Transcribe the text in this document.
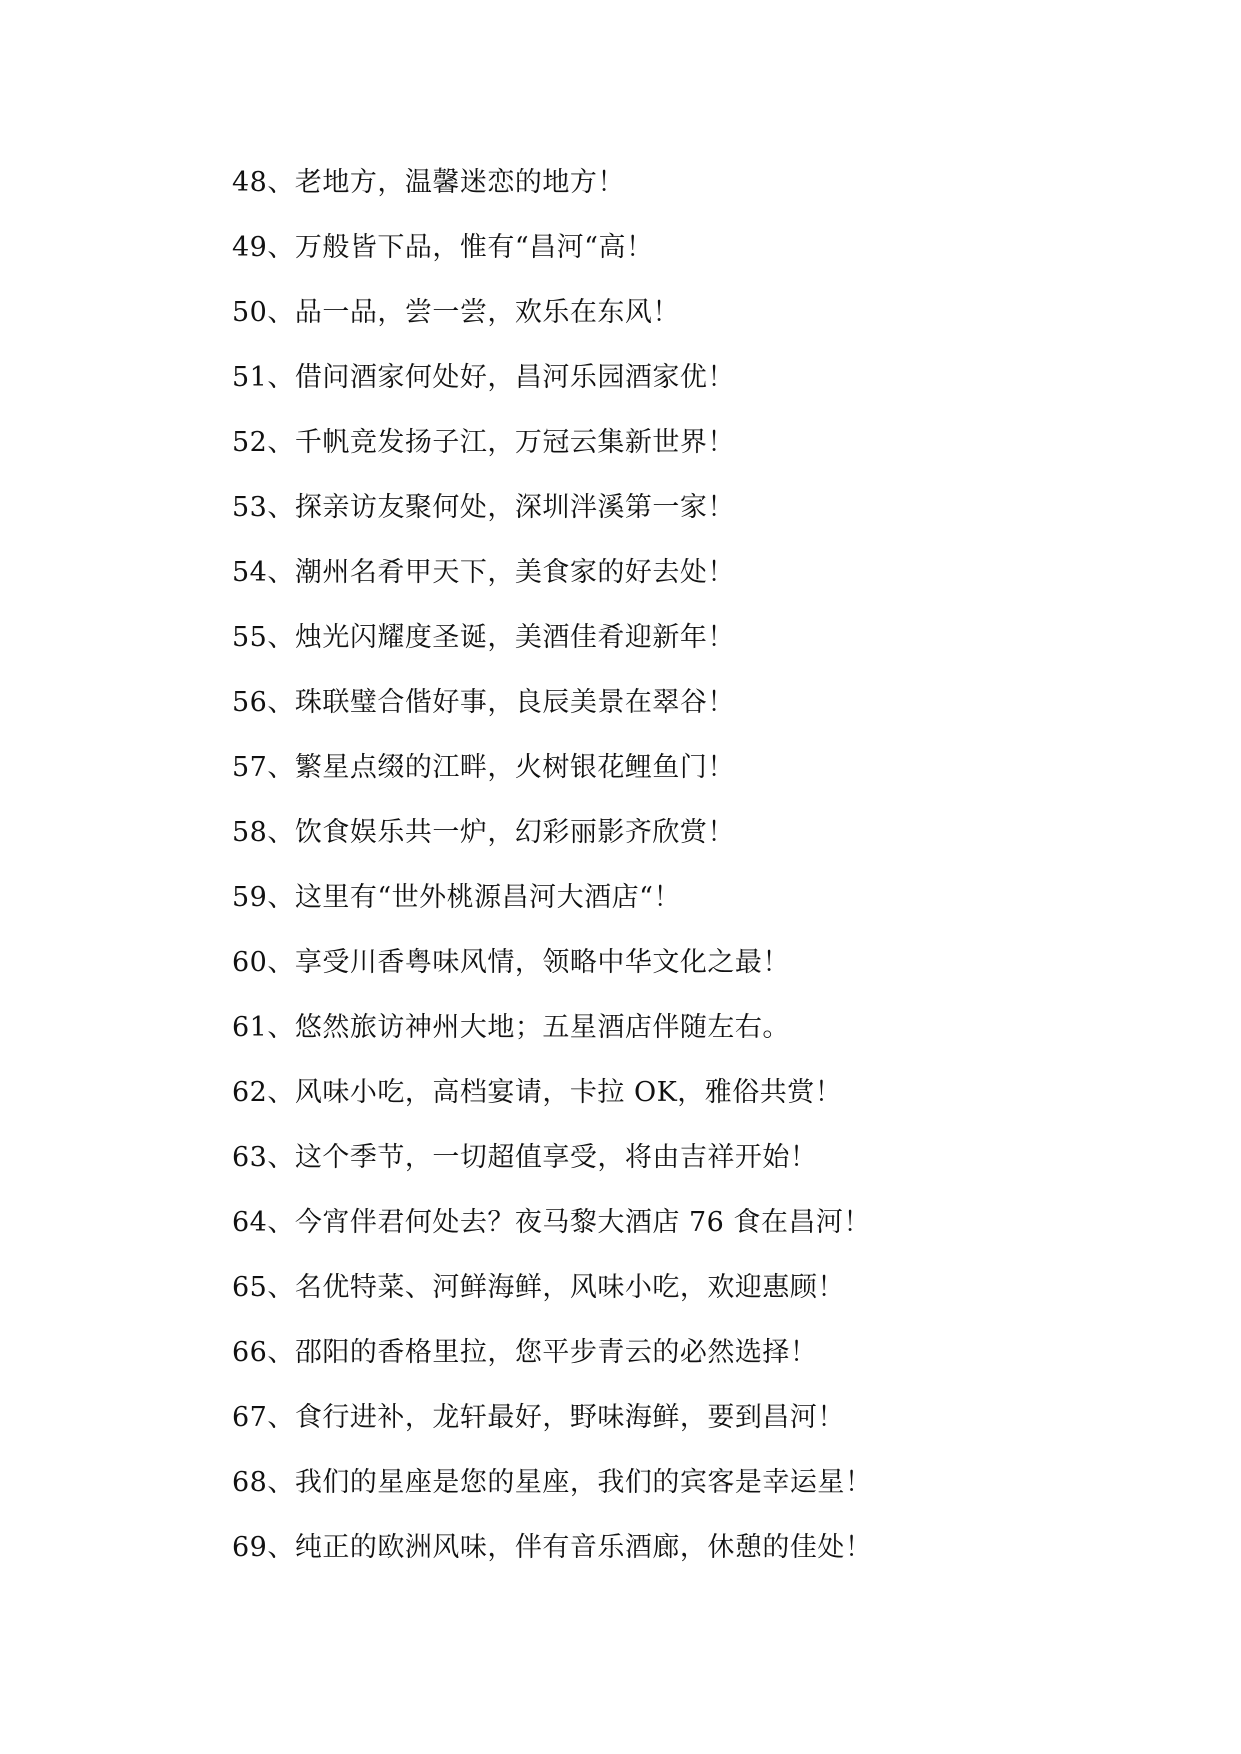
48、老地方，温馨迷恋的地方！
49、万般皆下品，惟有“昌河“高！
50、品一品，尝一尝，欢乐在东风！
51、借问酒家何处好，昌河乐园酒家优！
52、千帆竞发扬子江，万冠云集新世界！
53、探亲访友聚何处，深圳泮溪第一家！
54、潮州名肴甲天下，美食家的好去处！
55、烛光闪耀度圣诞，美酒佳肴迎新年！
56、珠联璧合偕好事，良辰美景在翠谷！
57、繁星点缀的江畔，火树银花鲤鱼门！
58、饮食娱乐共一炉，幻彩丽影齐欣赏！
59、这里有“世外桃源昌河大酒店“！
60、享受川香粤味风情，领略中华文化之最！
61、悠然旅访神州大地；五星酒店伴随左右。
62、风味小吃，高档宴请，卡拉 OK，雅俗共赏！
63、这个季节，一切超值享受，将由吉祥开始！
64、今宵伴君何处去？夜马黎大酒店 76 食在昌河！
65、名优特菜、河鲜海鲜，风味小吃，欢迎惠顾！
66、邵阳的香格里拉，您平步青云的必然选择！
67、食行进补，龙轩最好，野味海鲜，要到昌河！
68、我们的星座是您的星座，我们的宾客是幸运星！
69、纯正的欧洲风味，伴有音乐酒廊，休憩的佳处！
